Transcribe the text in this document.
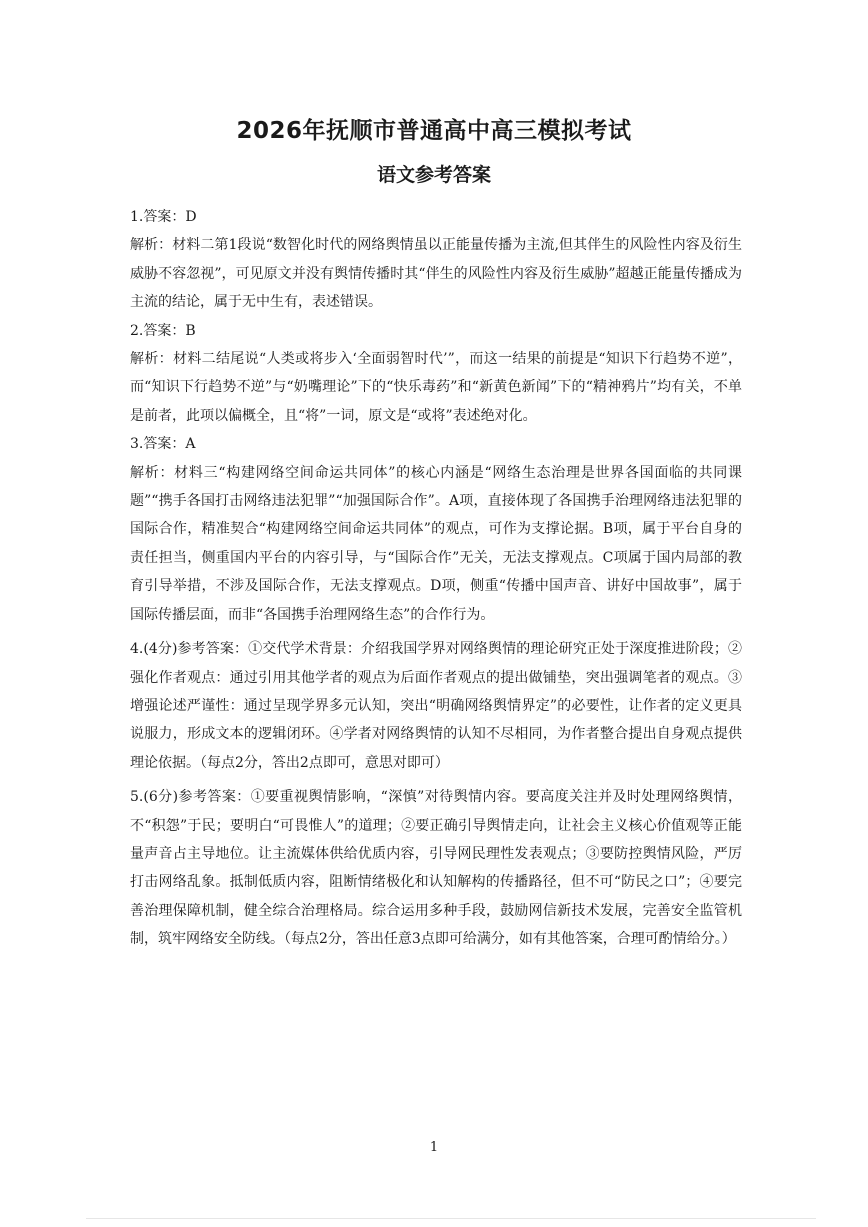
2026年抚顺市普通高中高三模拟考试
语文参考答案

1.答案：D

解析：材料二第1段说“数智化时代的网络舆情虽以正能量传播为主流,但其伴生的风险性内容及衍生威胁不容忽视”，可见原文并没有舆情传播时其“伴生的风险性内容及衍生威胁”超越正能量传播成为主流的结论，属于无中生有，表述错误。

2.答案：B

解析：材料二结尾说“人类或将步入‘全面弱智时代’”，而这一结果的前提是“知识下行趋势不逆”，而“知识下行趋势不逆”与“奶嘴理论”下的“快乐毒药”和“新黄色新闻”下的“精神鸦片”均有关，不单是前者，此项以偏概全，且“将”一词，原文是“或将”表述绝对化。

3.答案：A

解析：材料三“构建网络空间命运共同体”的核心内涵是“网络生态治理是世界各国面临的共同课题”“携手各国打击网络违法犯罪”“加强国际合作”。A项，直接体现了各国携手治理网络违法犯罪的国际合作，精准契合“构建网络空间命运共同体”的观点，可作为支撑论据。B项，属于平台自身的责任担当，侧重国内平台的内容引导，与“国际合作”无关，无法支撑观点。C项属于国内局部的教育引导举措，不涉及国际合作，无法支撑观点。D项，侧重“传播中国声音、讲好中国故事”，属于国际传播层面，而非“各国携手治理网络生态”的合作行为。

4.(4分)参考答案：①交代学术背景：介绍我国学界对网络舆情的理论研究正处于深度推进阶段；②强化作者观点：通过引用其他学者的观点为后面作者观点的提出做铺垫，突出强调笔者的观点。③增强论述严谨性：通过呈现学界多元认知，突出“明确网络舆情界定”的必要性，让作者的定义更具说服力，形成文本的逻辑闭环。④学者对网络舆情的认知不尽相同，为作者整合提出自身观点提供理论依据。（每点2分，答出2点即可，意思对即可）

5.(6分)参考答案：①要重视舆情影响，“深慎”对待舆情内容。要高度关注并及时处理网络舆情，不“积怨”于民；要明白“可畏惟人”的道理；②要正确引导舆情走向，让社会主义核心价值观等正能量声音占主导地位。让主流媒体供给优质内容，引导网民理性发表观点；③要防控舆情风险，严厉打击网络乱象。抵制低质内容，阻断情绪极化和认知解构的传播路径，但不可“防民之口”；④要完善治理保障机制，健全综合治理格局。综合运用多种手段，鼓励网信新技术发展，完善安全监管机制，筑牢网络安全防线。（每点2分，答出任意3点即可给满分，如有其他答案，合理可酌情给分。）

1
